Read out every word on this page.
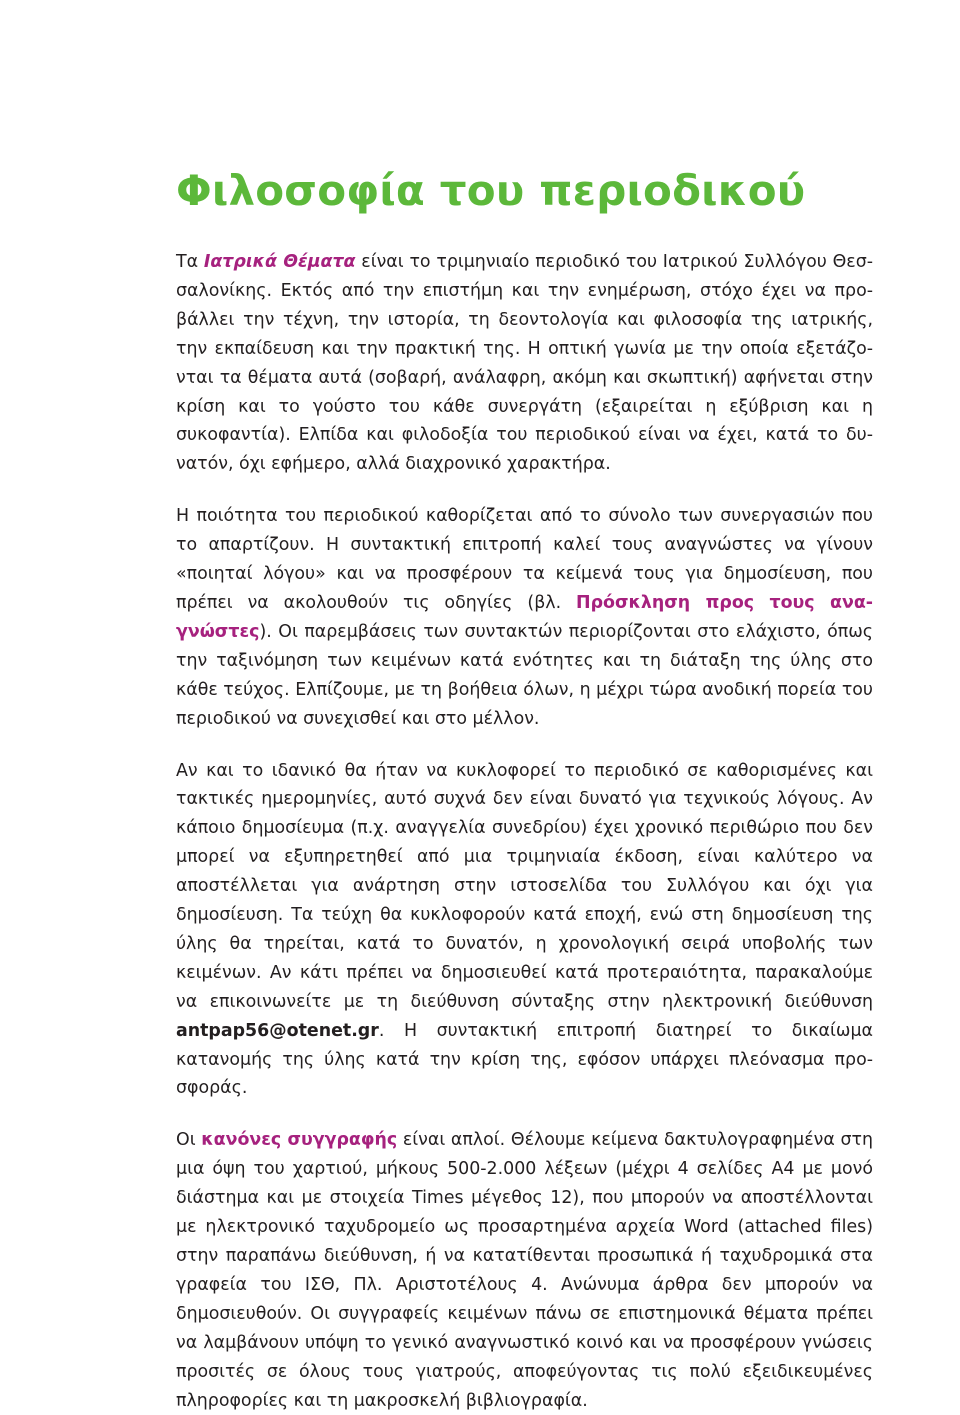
Φιλοσοφία του περιοδικού

Τα Ιατρικά Θέματα είναι το τριμηνιαίο περιοδικό του Ιατρικού Συλλόγου Θεσσαλονίκης. Εκτός από την επιστήμη και την ενημέρωση, στόχο έχει να προβάλλει την τέχνη, την ιστορία, τη δεοντολογία και φιλοσοφία της ιατρικής, την εκπαίδευση και την πρακτική της. Η οπτική γωνία με την οποία εξετάζονται τα θέματα αυτά (σοβαρή, ανάλαφρη, ακόμη και σκωπτική) αφήνεται στην κρίση και το γούστο του κάθε συνεργάτη (εξαιρείται η εξύβριση και η συκοφαντία). Ελπίδα και φιλοδοξία του περιοδικού είναι να έχει, κατά το δυνατόν, όχι εφήμερο, αλλά διαχρονικό χαρακτήρα.

Η ποιότητα του περιοδικού καθορίζεται από το σύνολο των συνεργασιών που το απαρτίζουν. Η συντακτική επιτροπή καλεί τους αναγνώστες να γίνουν «ποιηταί λόγου» και να προσφέρουν τα κείμενά τους για δημοσίευση, που πρέπει να ακολουθούν τις οδηγίες (βλ. Πρόσκληση προς τους αναγνώστες). Οι παρεμβάσεις των συντακτών περιορίζονται στο ελάχιστο, όπως την ταξινόμηση των κειμένων κατά ενότητες και τη διάταξη της ύλης στο κάθε τεύχος. Ελπίζουμε, με τη βοήθεια όλων, η μέχρι τώρα ανοδική πορεία του περιοδικού να συνεχισθεί και στο μέλλον.

Αν και το ιδανικό θα ήταν να κυκλοφορεί το περιοδικό σε καθορισμένες και τακτικές ημερομηνίες, αυτό συχνά δεν είναι δυνατό για τεχνικούς λόγους. Αν κάποιο δημοσίευμα (π.χ. αναγγελία συνεδρίου) έχει χρονικό περιθώριο που δεν μπορεί να εξυπηρετηθεί από μια τριμηνιαία έκδοση, είναι καλύτερο να αποστέλλεται για ανάρτηση στην ιστοσελίδα του Συλλόγου και όχι για δημοσίευση. Τα τεύχη θα κυκλοφορούν κατά εποχή, ενώ στη δημοσίευση της ύλης θα τηρείται, κατά το δυνατόν, η χρονολογική σειρά υποβολής των κειμένων. Αν κάτι πρέπει να δημοσιευθεί κατά προτεραιότητα, παρακαλούμε να επικοινωνείτε με τη διεύθυνση σύνταξης στην ηλεκτρονική διεύθυνση antpap56@otenet.gr. Η συντακτική επιτροπή διατηρεί το δικαίωμα κατανομής της ύλης κατά την κρίση της, εφόσον υπάρχει πλεόνασμα προσφοράς.

Οι κανόνες συγγραφής είναι απλοί. Θέλουμε κείμενα δακτυλογραφημένα στη μια όψη του χαρτιού, μήκους 500-2.000 λέξεων (μέχρι 4 σελίδες Α4 με μονό διάστημα και με στοιχεία Times μέγεθος 12), που μπορούν να αποστέλλονται με ηλεκτρονικό ταχυδρομείο ως προσαρτημένα αρχεία Word (attached files) στην παραπάνω διεύθυνση, ή να κατατίθενται προσωπικά ή ταχυδρομικά στα γραφεία του ΙΣΘ, Πλ. Αριστοτέλους 4. Ανώνυμα άρθρα δεν μπορούν να δημοσιευθούν. Οι συγγραφείς κειμένων πάνω σε επιστημονικά θέματα πρέπει να λαμβάνουν υπόψη το γενικό αναγνωστικό κοινό και να προσφέρουν γνώσεις προσιτές σε όλους τους γιατρούς, αποφεύγοντας τις πολύ εξειδικευμένες πληροφορίες και τη μακροσκελή βιβλιογραφία.
